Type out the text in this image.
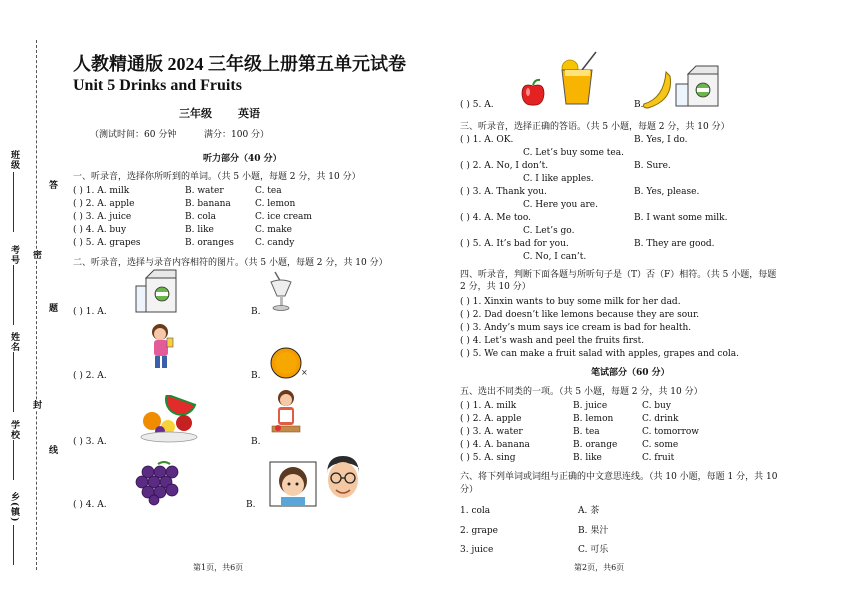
班级
考号
姓名
学校
乡(镇)
答
密
题
封
线
人教精通版 2024 三年级上册第五单元试卷
Unit 5 Drinks and Fruits
三年级 英语
（测试时间：60 分钟	满分：100 分）
听力部分（40 分）
一、听录音，选择你所听到的单词。（共 5 小题，每题 2 分，共 10 分）
( ) 1. A. milk	B. water	C. tea
( ) 2. A. apple	B. banana	C. lemon
( ) 3. A. juice	B. cola	C. ice cream
( ) 4. A. buy	B. like	C. make
( ) 5. A. grapes	B. oranges C. candy
二、听录音，选择与录音内容相符的图片。（共 5 小题，每题 2 分，共 10 分）
( ) 1. A.	B.
( ) 2. A.	B.
( ) 3. A.	B.
( ) 4. A.	B.
×
第1页，共6页
( ) 5. A.	B.
三、听录音，选择正确的答语。（共 5 小题，每题 2 分，共 10 分）
( ) 1. A. OK.	B. Yes, I do.
C. Let’s buy some tea.
( ) 2. A. No, I don’t.	B. Sure.
C. I like apples.
( ) 3. A. Thank you.	B. Yes, please.
C. Here you are.
( ) 4. A. Me too.	B. I want some milk.
C. Let’s go.
( ) 5. A. It’s bad for you.	B. They are good.
C. No, I can’t.
四、听录音，判断下面各题与所听句子是（T）否（F）相符。（共 5 小题，每题
2 分，共 10 分）
( ) 1. Xinxin wants to buy some milk for her dad.
( ) 2. Dad doesn’t like lemons because they are sour.
( ) 3. Andy’s mum says ice cream is bad for health.
( ) 4. Let’s wash and peel the fruits first.
( ) 5. We can make a fruit salad with apples, grapes and cola.
笔试部分（60 分）
五、选出不同类的一项。（共 5 小题，每题 2 分，共 10 分）
( ) 1. A. milk	B. juice	C. buy
( ) 2. A. apple	B. lemon	C. drink
( ) 3. A. water	B. tea	C. tomorrow
( ) 4. A. banana	B. orange	C. some
( ) 5. A. sing	B. like	C. fruit
六、将下列单词或词组与正确的中文意思连线。（共 10 小题，每题 1 分，共 10
分）
1. cola	A. 茶
2. grape	B. 果汁
3. juice	C. 可乐
第2页，共6页
